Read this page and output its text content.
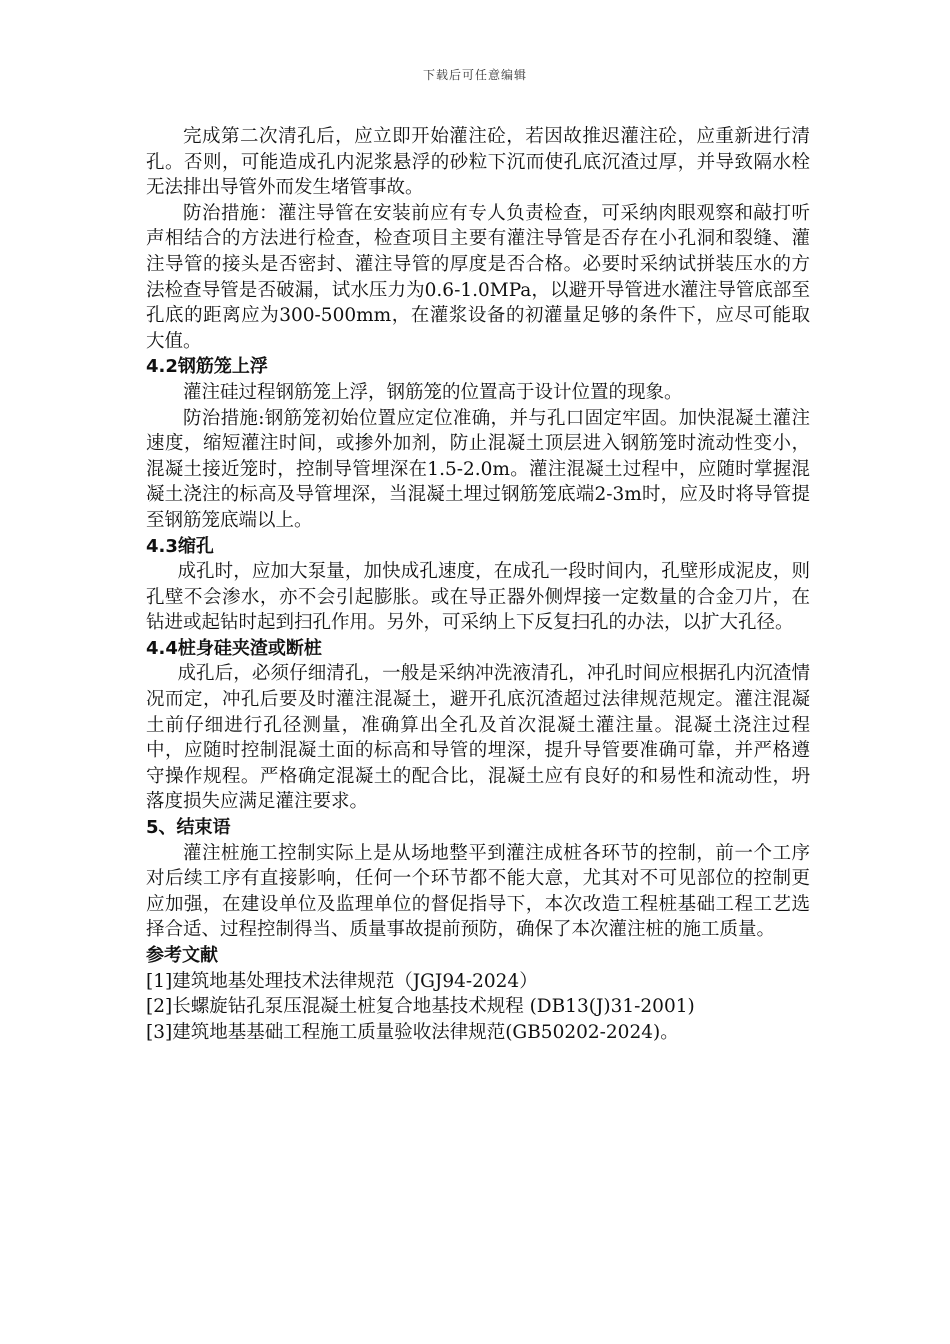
下载后可任意编辑

完成第二次清孔后，应立即开始灌注砼，若因故推迟灌注砼，应重新进行清孔。否则，可能造成孔内泥浆悬浮的砂粒下沉而使孔底沉渣过厚，并导致隔水栓无法排出导管外而发生堵管事故。

防治措施：灌注导管在安装前应有专人负责检查，可采纳肉眼观察和敲打听声相结合的方法进行检查，检查项目主要有灌注导管是否存在小孔洞和裂缝、灌注导管的接头是否密封、灌注导管的厚度是否合格。必要时采纳试拼装压水的方法检查导管是否破漏，试水压力为0.6-1.0MPa，以避开导管进水灌注导管底部至孔底的距离应为300-500mm，在灌浆设备的初灌量足够的条件下，应尽可能取大值。

4.2钢筋笼上浮

灌注硅过程钢筋笼上浮，钢筋笼的位置高于设计位置的现象。

防治措施:钢筋笼初始位置应定位准确，并与孔口固定牢固。加快混凝土灌注速度，缩短灌注时间，或掺外加剂，防止混凝土顶层进入钢筋笼时流动性变小，混凝土接近笼时，控制导管埋深在1.5-2.0m。灌注混凝土过程中，应随时掌握混凝土浇注的标高及导管埋深，当混凝土埋过钢筋笼底端2-3m时，应及时将导管提至钢筋笼底端以上。

4.3缩孔

成孔时，应加大泵量，加快成孔速度，在成孔一段时间内，孔壁形成泥皮，则孔壁不会渗水，亦不会引起膨胀。或在导正器外侧焊接一定数量的合金刀片，在钻进或起钻时起到扫孔作用。另外，可采纳上下反复扫孔的办法，以扩大孔径。

4.4桩身硅夹渣或断桩

成孔后，必须仔细清孔，一般是采纳冲洗液清孔，冲孔时间应根据孔内沉渣情况而定，冲孔后要及时灌注混凝土，避开孔底沉渣超过法律规范规定。灌注混凝土前仔细进行孔径测量，准确算出全孔及首次混凝土灌注量。混凝土浇注过程中，应随时控制混凝土面的标高和导管的埋深，提升导管要准确可靠，并严格遵守操作规程。严格确定混凝土的配合比，混凝土应有良好的和易性和流动性，坍落度损失应满足灌注要求。

5、结束语

灌注桩施工控制实际上是从场地整平到灌注成桩各环节的控制，前一个工序对后续工序有直接影响，任何一个环节都不能大意，尤其对不可见部位的控制更应加强，在建设单位及监理单位的督促指导下，本次改造工程桩基础工程工艺选择合适、过程控制得当、质量事故提前预防，确保了本次灌注桩的施工质量。

参考文献

[1]建筑地基处理技术法律规范（JGJ94-2024）

[2]长螺旋钻孔泵压混凝土桩复合地基技术规程 (DB13(J)31-2001)

[3]建筑地基基础工程施工质量验收法律规范(GB50202-2024)。
